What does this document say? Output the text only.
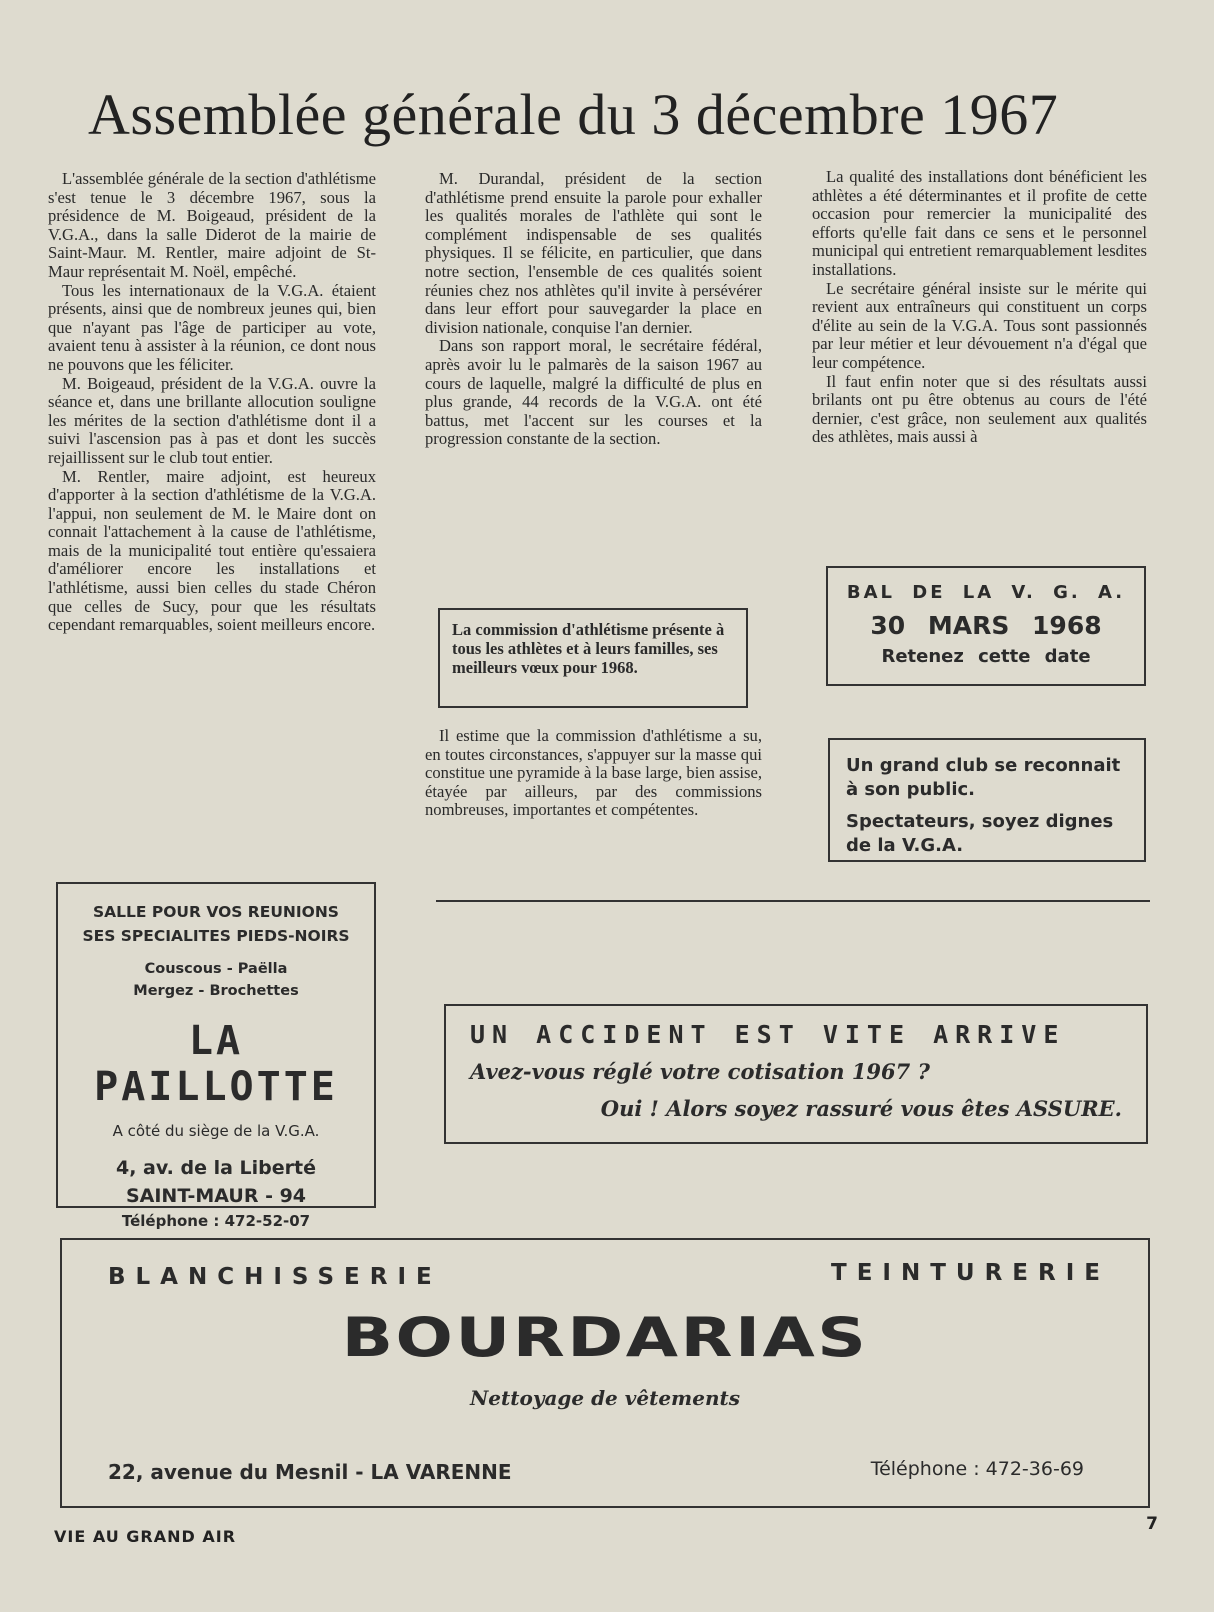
Assemblée générale du 3 décembre 1967

L'assemblée générale de la section d'athlétisme s'est tenue le 3 décembre 1967, sous la présidence de M. Boigeaud, président de la V.G.A., dans la salle Diderot de la mairie de Saint-Maur. M. Rentler, maire adjoint de St-Maur représentait M. Noël, empêché.

Tous les internationaux de la V.G.A. étaient présents, ainsi que de nombreux jeunes qui, bien que n'ayant pas l'âge de participer au vote, avaient tenu à assister à la réunion, ce dont nous ne pouvons que les féliciter.

M. Boigeaud, président de la V.G.A. ouvre la séance et, dans une brillante allocution souligne les mérites de la section d'athlétisme dont il a suivi l'ascension pas à pas et dont les succès rejaillissent sur le club tout entier.

M. Rentler, maire adjoint, est heureux d'apporter à la section d'athlétisme de la V.G.A. l'appui, non seulement de M. le Maire dont on connait l'attachement à la cause de l'athlétisme, mais de la municipalité tout entière qu'essaiera d'améliorer encore les installations et l'athlétisme, aussi bien celles du stade Chéron que celles de Sucy, pour que les résultats cependant remarquables, soient meilleurs encore.

M. Durandal, président de la section d'athlétisme prend ensuite la parole pour exhaller les qualités morales de l'athlète qui sont le complément indispensable de ses qualités physiques. Il se félicite, en particulier, que dans notre section, l'ensemble de ces qualités soient réunies chez nos athlètes qu'il invite à persévérer dans leur effort pour sauvegarder la place en division nationale, conquise l'an dernier.

Dans son rapport moral, le secrétaire fédéral, après avoir lu le palmarès de la saison 1967 au cours de laquelle, malgré la difficulté de plus en plus grande, 44 records de la V.G.A. ont été battus, met l'accent sur les courses et la progression constante de la section.

La commission d'athlétisme présente à tous les athlètes et à leurs familles, ses meilleurs vœux pour 1968.

Il estime que la commission d'athlétisme a su, en toutes circonstances, s'appuyer sur la masse qui constitue une pyramide à la base large, bien assise, étayée par ailleurs, par des commissions nombreuses, importantes et compétentes.

La qualité des installations dont bénéficient les athlètes a été déterminantes et il profite de cette occasion pour remercier la municipalité des efforts qu'elle fait dans ce sens et le personnel municipal qui entretient remarquablement lesdites installations.

Le secrétaire général insiste sur le mérite qui revient aux entraîneurs qui constituent un corps d'élite au sein de la V.G.A. Tous sont passionnés par leur métier et leur dévouement n'a d'égal que leur compétence.

Il faut enfin noter que si des résultats aussi brilants ont pu être obtenus au cours de l'été dernier, c'est grâce, non seulement aux qualités des athlètes, mais aussi à

BAL DE LA V. G. A.
30 MARS 1968
Retenez cette date
Un grand club se reconnait à son public.
Spectateurs, soyez dignes de la V.G.A.
UN ACCIDENT EST VITE ARRIVE
Avez-vous réglé votre cotisation 1967 ?
Oui ! Alors soyez rassuré vous êtes ASSURE.
SALLE POUR VOS REUNIONS
SES SPECIALITES PIEDS-NOIRS
Couscous - Paëlla
Mergez - Brochettes
LA PAILLOTTE
A côté du siège de la V.G.A.
4, av. de la Liberté
SAINT-MAUR - 94
Téléphone : 472-52-07
BLANCHISSERIE	TEINTURERIE
BOURDARIAS
Nettoyage de vêtements
22, avenue du Mesnil - LA VARENNE	Téléphone : 472-36-69
VIE AU GRAND AIR
7
